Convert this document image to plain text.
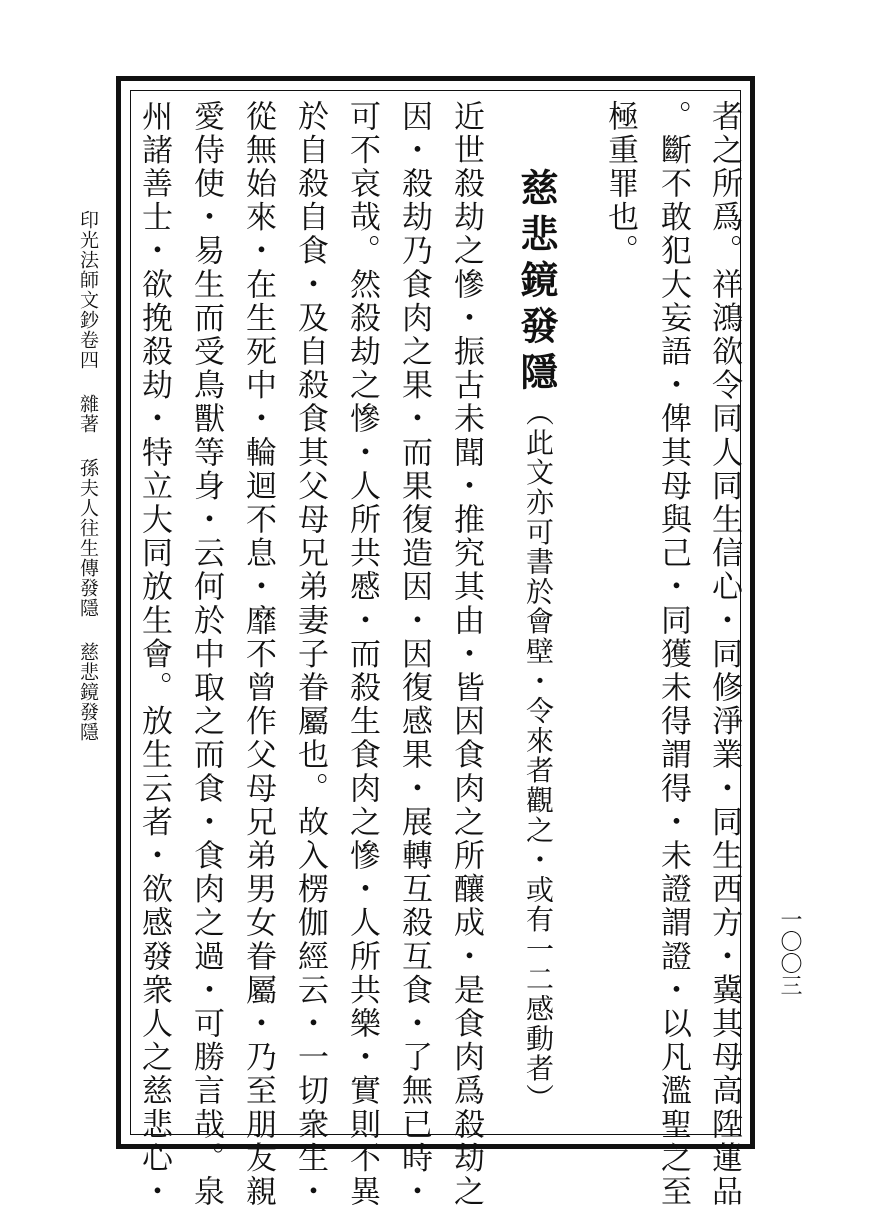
者之所爲。祥鴻欲令同人同生信心・同修淨業・同生西方・冀其母高陞蓮品
。斷不敢犯大妄語・俾其母與己・同獲未得謂得・未證謂證・以凡濫聖之至
極重罪也。
慈悲鏡發隱
（此文亦可書於會壁・令來者觀之・或有一二感動者）
近世殺劫之慘・振古未聞・推究其由・皆因食肉之所釀成・是食肉爲殺劫之
因・殺劫乃食肉之果・而果復造因・因復感果・展轉互殺互食・了無已時・
可不哀哉。然殺劫之慘・人所共慼・而殺生食肉之慘・人所共樂・實則不異
於自殺自食・及自殺食其父母兄弟妻子眷屬也。故入楞伽經云・一切衆生・
從無始來・在生死中・輪迴不息・靡不曾作父母兄弟男女眷屬・乃至朋友親
愛侍使・易生而受鳥獸等身・云何於中取之而食・食肉之過・可勝言哉。泉
州諸善士・欲挽殺劫・特立大同放生會。放生云者・欲感發衆人之慈悲心・
印光法師文鈔卷四雜著孫夫人往生傳發隱慈悲鏡發隱
一〇〇三
